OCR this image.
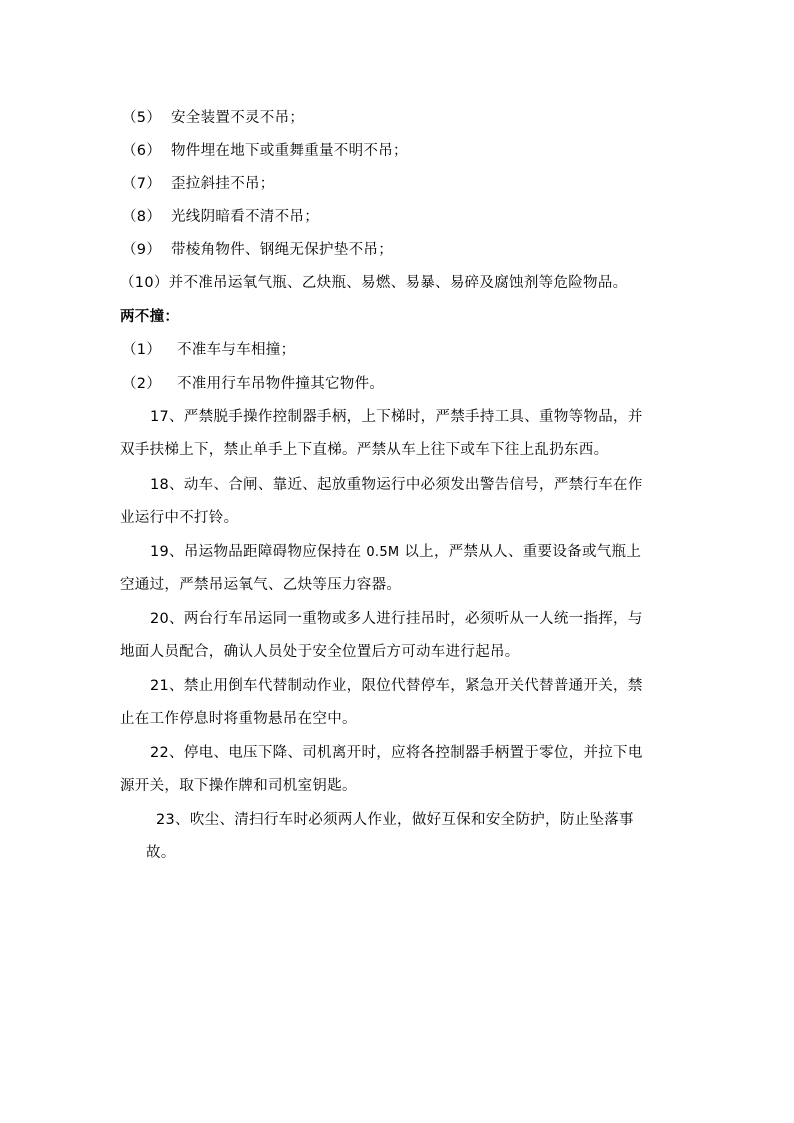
（5） 安全装置不灵不吊；
（6） 物件埋在地下或重舞重量不明不吊；
（7） 歪拉斜挂不吊；
（8） 光线阴暗看不清不吊；
（9） 带棱角物件、钢绳无保护垫不吊；
（10）并不准吊运氧气瓶、乙炔瓶、易燃、易暴、易碎及腐蚀剂等危险物品。
两不撞：
（1） 不准车与车相撞；
（2） 不准用行车吊物件撞其它物件。
17、严禁脱手操作控制器手柄，上下梯时，严禁手持工具、重物等物品，并
双手扶梯上下，禁止单手上下直梯。严禁从车上往下或车下往上乱扔东西。
18、动车、合闸、靠近、起放重物运行中必须发出警告信号，严禁行车在作
业运行中不打铃。
19、吊运物品距障碍物应保持在 0.5M 以上，严禁从人、重要设备或气瓶上
空通过，严禁吊运氧气、乙炔等压力容器。
20、两台行车吊运同一重物或多人进行挂吊时，必须听从一人统一指挥，与
地面人员配合，确认人员处于安全位置后方可动车进行起吊。
21、禁止用倒车代替制动作业，限位代替停车，紧急开关代替普通开关，禁
止在工作停息时将重物悬吊在空中。
22、停电、电压下降、司机离开时，应将各控制器手柄置于零位，并拉下电
源开关，取下操作牌和司机室钥匙。
23、吹尘、清扫行车时必须两人作业，做好互保和安全防护，防止坠落事
故。
